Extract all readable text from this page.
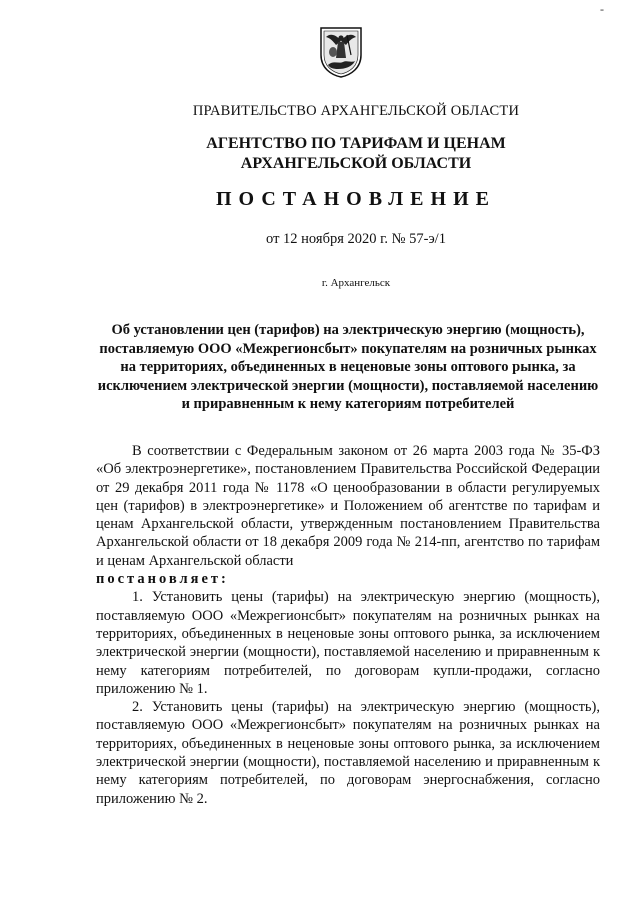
-
ПРАВИТЕЛЬСТВО АРХАНГЕЛЬСКОЙ ОБЛАСТИ
АГЕНТСТВО ПО ТАРИФАМ И ЦЕНАМ
АРХАНГЕЛЬСКОЙ ОБЛАСТИ
ПОСТАНОВЛЕНИЕ
от 12 ноября 2020 г. № 57-э/1
г. Архангельск
Об установлении цен (тарифов) на электрическую энергию (мощность), поставляемую ООО «Межрегионсбыт» покупателям на розничных рынках на территориях, объединенных в неценовые зоны оптового рынка, за исключением электрической энергии (мощности), поставляемой населению и приравненным к нему категориям потребителей

В соответствии с Федеральным законом от 26 марта 2003 года № 35-ФЗ «Об электроэнергетике», постановлением Правительства Российской Федерации от 29 декабря 2011 года № 1178 «О ценообразовании в области регулируемых цен (тарифов) в электроэнергетике» и Положением об агентстве по тарифам и ценам Архангельской области, утвержденным постановлением Правительства Архангельской области от 18 декабря 2009 года № 214-пп, агентство по тарифам и ценам Архангельской области

постановляет:

1. Установить цены (тарифы) на электрическую энергию (мощность), поставляемую ООО «Межрегионсбыт» покупателям на розничных рынках на территориях, объединенных в неценовые зоны оптового рынка, за исключением электрической энергии (мощности), поставляемой населению и приравненным к нему категориям потребителей, по договорам купли-продажи, согласно приложению № 1.

2. Установить цены (тарифы) на электрическую энергию (мощность), поставляемую ООО «Межрегионсбыт» покупателям на розничных рынках на территориях, объединенных в неценовые зоны оптового рынка, за исключением электрической энергии (мощности), поставляемой населению и приравненным к нему категориям потребителей, по договорам энергоснабжения, согласно приложению № 2.
